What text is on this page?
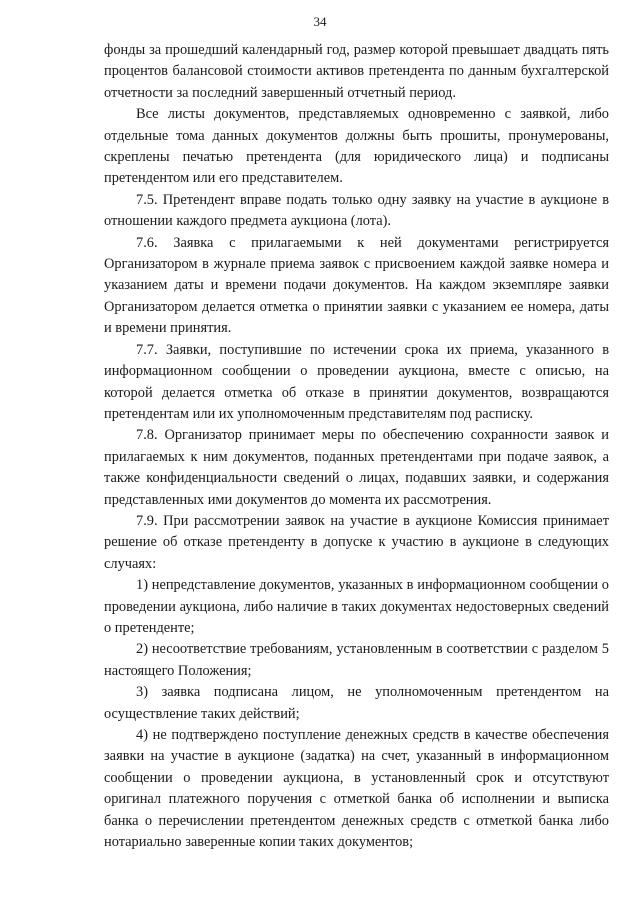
34

фонды за прошедший календарный год, размер которой превышает двадцать пять процентов балансовой стоимости активов претендента по данным бухгалтерской отчетности за последний завершенный отчетный период.

Все листы документов, представляемых одновременно с заявкой, либо отдельные тома данных документов должны быть прошиты, пронумерованы, скреплены печатью претендента (для юридического лица) и подписаны претендентом или его представителем.

7.5. Претендент вправе подать только одну заявку на участие в аукционе в отношении каждого предмета аукциона (лота).

7.6. Заявка с прилагаемыми к ней документами регистрируется Организатором в журнале приема заявок с присвоением каждой заявке номера и указанием даты и времени подачи документов. На каждом экземпляре заявки Организатором делается отметка о принятии заявки с указанием ее номера, даты и времени принятия.

7.7. Заявки, поступившие по истечении срока их приема, указанного в информационном сообщении о проведении аукциона, вместе с описью, на которой делается отметка об отказе в принятии документов, возвращаются претендентам или их уполномоченным представителям под расписку.

7.8. Организатор принимает меры по обеспечению сохранности заявок и прилагаемых к ним документов, поданных претендентами при подаче заявок, а также конфиденциальности сведений о лицах, подавших заявки, и содержания представленных ими документов до момента их рассмотрения.

7.9. При рассмотрении заявок на участие в аукционе Комиссия принимает решение об отказе претенденту в допуске к участию в аукционе в следующих случаях:

1) непредставление документов, указанных в информационном сообщении о проведении аукциона, либо наличие в таких документах недостоверных сведений о претенденте;

2) несоответствие требованиям, установленным в соответствии с разделом 5 настоящего Положения;

3) заявка подписана лицом, не уполномоченным претендентом на осуществление таких действий;

4) не подтверждено поступление денежных средств в качестве обеспечения заявки на участие в аукционе (задатка) на счет, указанный в информационном сообщении о проведении аукциона, в установленный срок и отсутствуют оригинал платежного поручения с отметкой банка об исполнении и выписка банка о перечислении претендентом денежных средств с отметкой банка либо нотариально заверенные копии таких документов;
